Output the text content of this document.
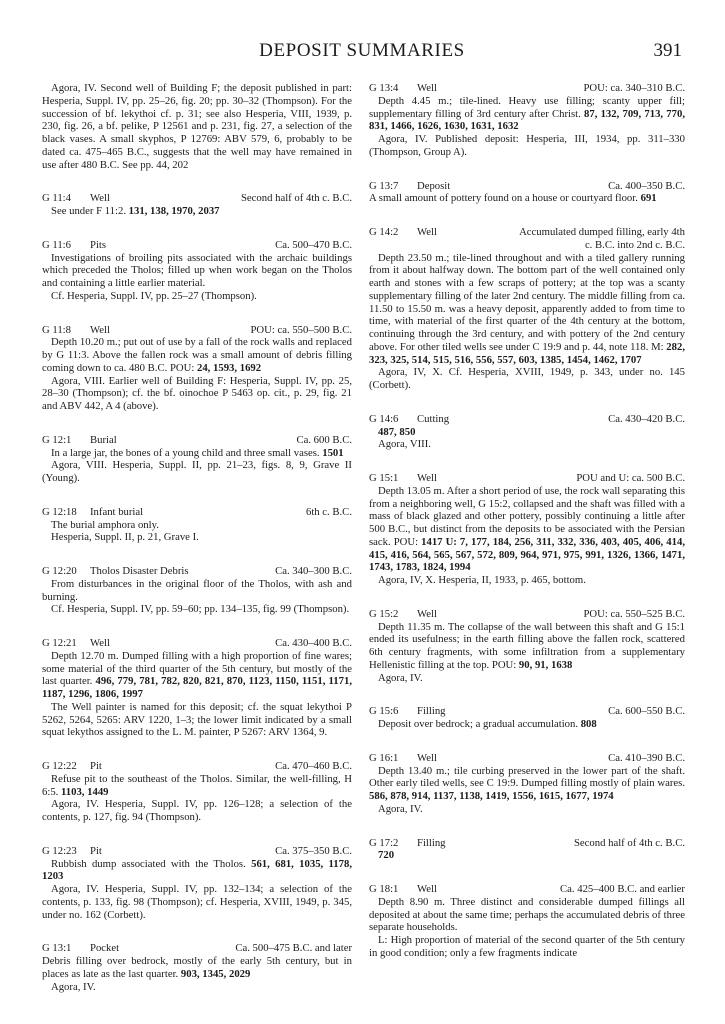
DEPOSIT SUMMARIES	391

Agora, IV. Second well of Building F; the deposit published in part: Hesperia, Suppl. IV, pp. 25–26, fig. 20; pp. 30–32 (Thompson). For the succession of bf. lekythoi cf. p. 31; see also Hesperia, VIII, 1939, p. 230, fig. 26, a bf. pelike, P 12561 and p. 231, fig. 27, a selection of the black vases. A small skyphos, P 12769: ABV 579, 6, probably to be dated ca. 475–465 B.C., suggests that the well may have remained in use after 480 B.C. See pp. 44, 202

G 11:4 Well	Second half of 4th c. B.C.

See under F 11:2. 131, 138, 1970, 2037

G 11:6 Pits	Ca. 500–470 B.C.

Investigations of broiling pits associated with the archaic buildings which preceded the Tholos; filled up when work began on the Tholos and containing a little earlier material.

Cf. Hesperia, Suppl. IV, pp. 25–27 (Thompson).

G 11:8 Well	POU: ca. 550–500 B.C.

Depth 10.20 m.; put out of use by a fall of the rock walls and replaced by G 11:3. Above the fallen rock was a small amount of debris filling coming down to ca. 480 B.C. POU: 24, 1593, 1692

Agora, VIII. Earlier well of Building F: Hesperia, Suppl. IV, pp. 25, 28–30 (Thompson); cf. the bf. oinochoe P 5463 op. cit., p. 29, fig. 21 and ABV 442, A 4 (above).

G 12:1 Burial	Ca. 600 B.C.

In a large jar, the bones of a young child and three small vases. 1501

Agora, VIII. Hesperia, Suppl. II, pp. 21–23, figs. 8, 9, Grave II (Young).

G 12:18 Infant burial	6th c. B.C.

The burial amphora only.

Hesperia, Suppl. II, p. 21, Grave I.

G 12:20 Tholos Disaster Debris	Ca. 340–300 B.C.

From disturbances in the original floor of the Tholos, with ash and burning.

Cf. Hesperia, Suppl. IV, pp. 59–60; pp. 134–135, fig. 99 (Thompson).

G 12:21 Well	Ca. 430–400 B.C.

Depth 12.70 m. Dumped filling with a high proportion of fine wares; some material of the third quarter of the 5th century, but mostly of the last quarter. 496, 779, 781, 782, 820, 821, 870, 1123, 1150, 1151, 1171, 1187, 1296, 1806, 1997

The Well painter is named for this deposit; cf. the squat lekythoi P 5262, 5264, 5265: ARV 1220, 1–3; the lower limit indicated by a small squat lekythos assigned to the L. M. painter, P 5267: ARV 1364, 9.

G 12:22 Pit	Ca. 470–460 B.C.

Refuse pit to the southeast of the Tholos. Similar, the well-filling, H 6:5. 1103, 1449

Agora, IV. Hesperia, Suppl. IV, pp. 126–128; a selection of the contents, p. 127, fig. 94 (Thompson).

G 12:23 Pit	Ca. 375–350 B.C.

Rubbish dump associated with the Tholos. 561, 681, 1035, 1178, 1203

Agora, IV. Hesperia, Suppl. IV, pp. 132–134; a selection of the contents, p. 133, fig. 98 (Thompson); cf. Hesperia, XVIII, 1949, p. 345, under no. 162 (Corbett).

G 13:1 Pocket	Ca. 500–475 B.C. and later

Debris filling over bedrock, mostly of the early 5th century, but in places as late as the last quarter. 903, 1345, 2029

Agora, IV.

G 13:4 Well	POU: ca. 340–310 B.C.

Depth 4.45 m.; tile-lined. Heavy use filling; scanty upper fill; supplementary filling of 3rd century after Christ. 87, 132, 709, 713, 770, 831, 1466, 1626, 1630, 1631, 1632

Agora, IV. Published deposit: Hesperia, III, 1934, pp. 311–330 (Thompson, Group A).

G 13:7 Deposit	Ca. 400–350 B.C.

A small amount of pottery found on a house or courtyard floor. 691

G 14:2 Well	Accumulated dumped filling, early 4th c. B.C. into 2nd c. B.C.

Depth 23.50 m.; tile-lined throughout and with a tiled gallery running from it about halfway down. The bottom part of the well contained only earth and stones with a few scraps of pottery; at the top was a scanty supplementary filling of the later 2nd century. The middle filling from ca. 11.50 to 15.50 m. was a heavy deposit, apparently added to from time to time, with material of the first quarter of the 4th century at the bottom, continuing through the 3rd century, and with pottery of the 2nd century above. For other tiled wells see under C 19:9 and p. 44, note 118. M: 282, 323, 325, 514, 515, 516, 556, 557, 603, 1385, 1454, 1462, 1707

Agora, IV, X. Cf. Hesperia, XVIII, 1949, p. 343, under no. 145 (Corbett).

G 14:6 Cutting	Ca. 430–420 B.C.

487, 850

Agora, VIII.

G 15:1 Well	POU and U: ca. 500 B.C.

Depth 13.05 m. After a short period of use, the rock wall separating this from a neighboring well, G 15:2, collapsed and the shaft was filled with a mass of black glazed and other pottery, possibly continuing a little after 500 B.C., but distinct from the deposits to be associated with the Persian sack. POU: 1417 U: 7, 177, 184, 256, 311, 332, 336, 403, 405, 406, 414, 415, 416, 564, 565, 567, 572, 809, 964, 971, 975, 991, 1326, 1366, 1471, 1743, 1783, 1824, 1994

Agora, IV, X. Hesperia, II, 1933, p. 465, bottom.

G 15:2 Well	POU: ca. 550–525 B.C.

Depth 11.35 m. The collapse of the wall between this shaft and G 15:1 ended its usefulness; in the earth filling above the fallen rock, scattered 6th century fragments, with some infiltration from a supplementary Hellenistic filling at the top. POU: 90, 91, 1638

Agora, IV.

G 15:6 Filling	Ca. 600–550 B.C.

Deposit over bedrock; a gradual accumulation. 808

G 16:1 Well	Ca. 410–390 B.C.

Depth 13.40 m.; tile curbing preserved in the lower part of the shaft. Other early tiled wells, see C 19:9. Dumped filling mostly of plain wares. 586, 878, 914, 1137, 1138, 1419, 1556, 1615, 1677, 1974

Agora, IV.

G 17:2 Filling	Second half of 4th c. B.C.

720

G 18:1 Well	Ca. 425–400 B.C. and earlier

Depth 8.90 m. Three distinct and considerable dumped fillings all deposited at about the same time; perhaps the accumulated debris of three separate households.

L: High proportion of material of the second quarter of the 5th century in good condition; only a few fragments indicate
